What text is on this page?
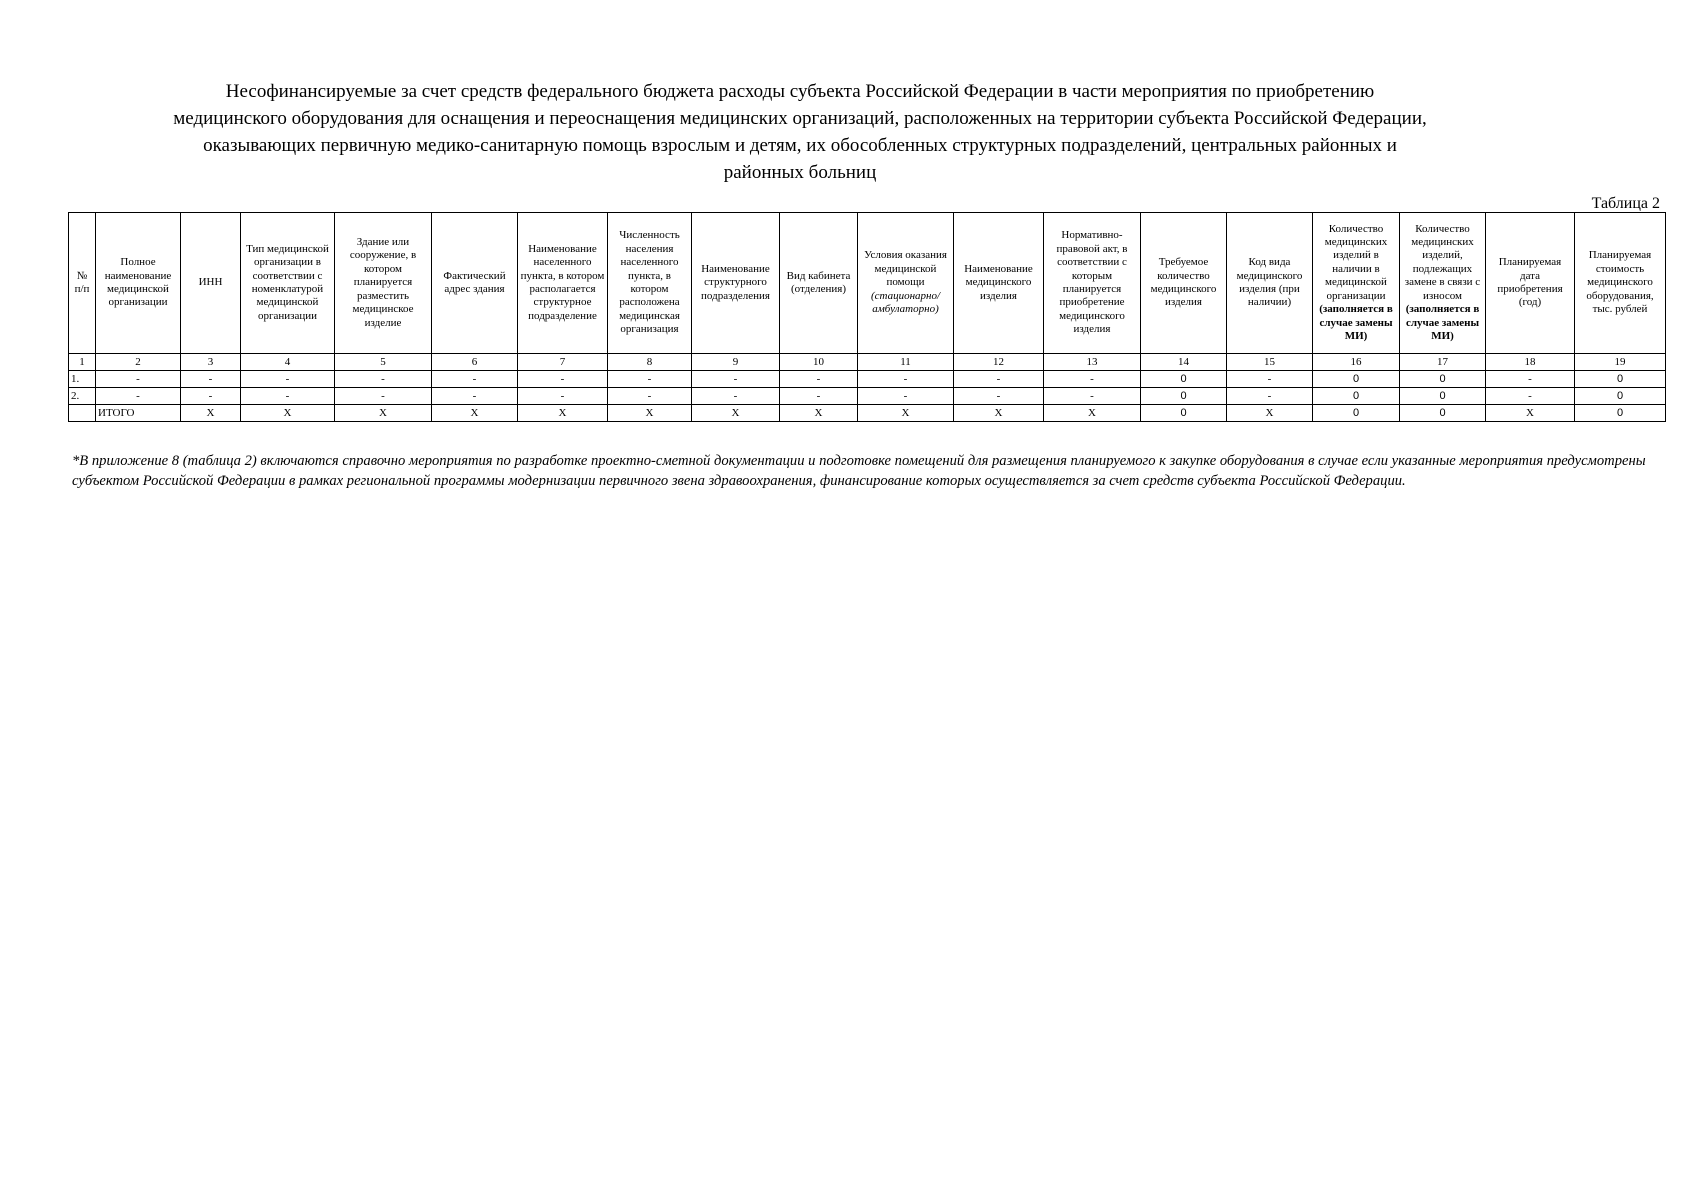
Несофинансируемые за счет средств федерального бюджета расходы субъекта Российской Федерации в части мероприятия по приобретению
медицинского оборудования для оснащения и переоснащения медицинских организаций, расположенных на территории субъекта Российской Федерации,
оказывающих первичную медико-санитарную помощь взрослым и детям, их обособленных структурных подразделений, центральных районных и
районных больниц
Таблица 2
№ п/п	Полное наименование медицинской организации	ИНН	Тип медицинской организации в соответствии с номенклатурой медицинской организации	Здание или сооружение, в котором планируется разместить медицинское изделие	Фактический адрес здания	Наименование населенного пункта, в котором располагается структурное подразделение	Численность населения населенного пункта, в котором расположена медицинская организация	Наименование структурного подразделения	Вид кабинета (отделения)	Условия оказания медицинской помощи (стационарно/амбулаторно)	Наименование медицинского изделия	Нормативно-правовой акт, в соответствии с которым планируется приобретение медицинского изделия	Требуемое количество медицинского изделия	Код вида медицинского изделия (при наличии)	Количество медицинских изделий в наличии в медицинской организации (заполняется в случае замены МИ)	Количество медицинских изделий, подлежащих замене в связи с износом (заполняется в случае замены МИ)	Планируемая дата приобретения (год)	Планируемая стоимость медицинского оборудования, тыс. рублей
1	2	3	4	5	6	7	8	9	10	11	12	13	14	15	16	17	18	19
1.	-	-	-	-	-	-	-	-	-	-	-	-	0	-	0	0	-	0
2.	-	-	-	-	-	-	-	-	-	-	-	-	0	-	0	0	-	0
	ИТОГО	X	X	X	X	X	X	X	X	X	X	X	0	X	0	0	X	0
*В приложение 8 (таблица 2) включаются справочно мероприятия по разработке проектно-сметной документации и подготовке помещений для размещения планируемого к закупке оборудования в случае если указанные мероприятия предусмотрены субъектом Российской Федерации в рамках региональной программы модернизации первичного звена здравоохранения, финансирование которых осуществляется за счет средств субъекта Российской Федерации.
